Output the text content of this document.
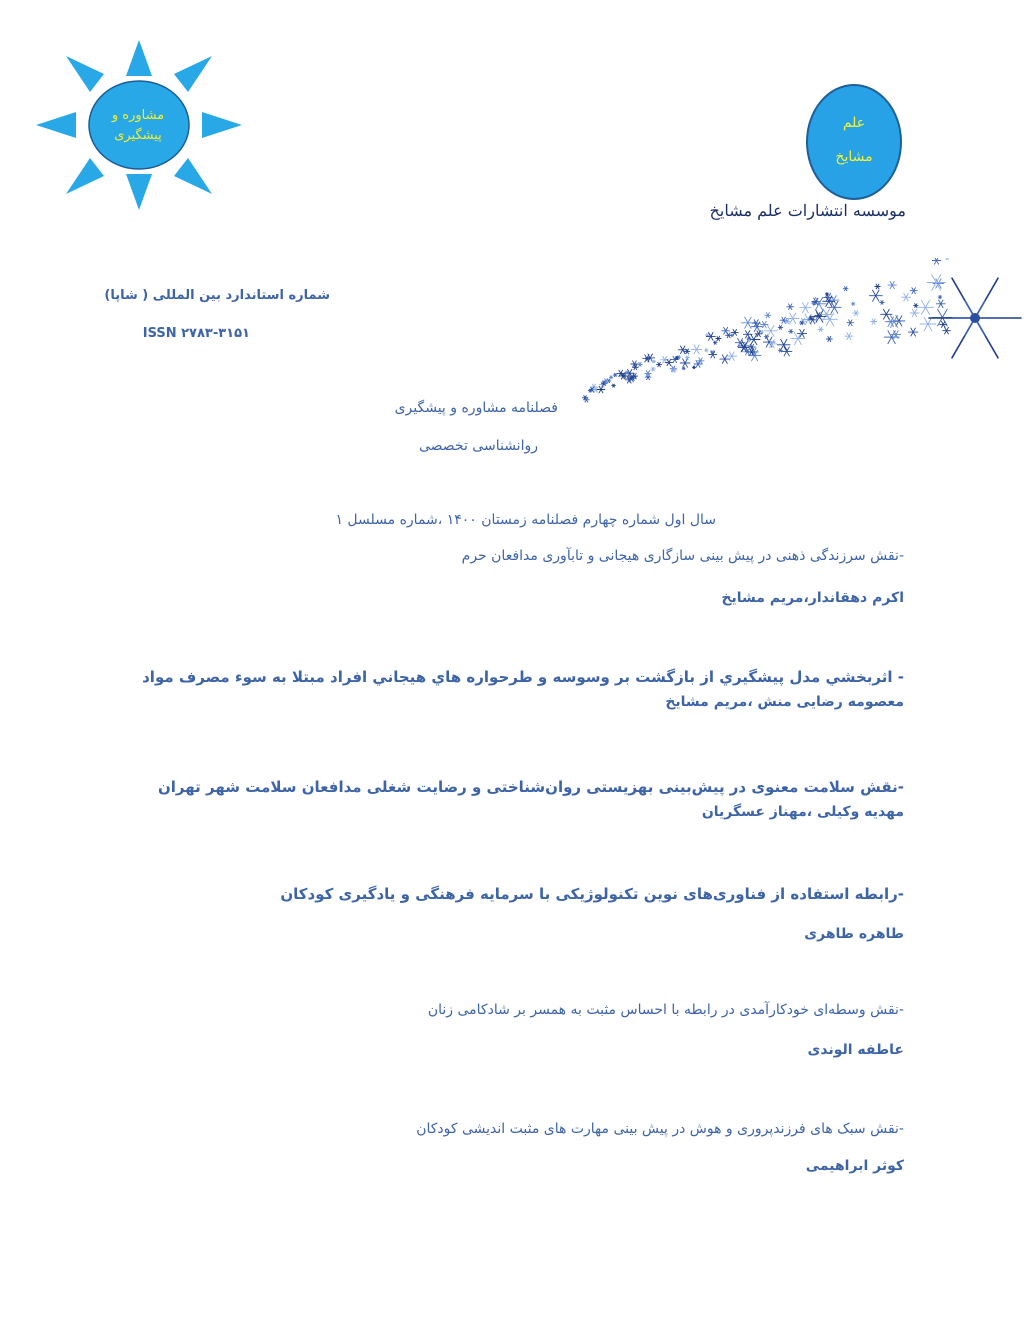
مشاوره و
پیشگیری
علم
مشایخ
موسسه انتشارات علم مشایخ
شماره استاندارد بین المللی ( شاپا)
ISSN ۲۷۸۳-۳۱۵۱
فصلنامه مشاوره و پیشگیری
روانشناسی تخصصی
سال اول شماره چهارم فصلنامه زمستان ۱۴۰۰ ،شماره مسلسل ۱
-نقش سرزندگی ذهنی در پیش بینی سازگاری هیجانی و تابآوری مدافعان حرم
اکرم دهقاندار،مریم مشایخ
- اثربخشي مدل پيشگيري از بازگشت بر وسوسه و طرحواره هاي هيجاني افراد مبتلا به سوء مصرف مواد
معصومه رضایی منش ،مریم مشایخ
-نقش سلامت معنوی در پیش‌بینی بهزیستی روان‌شناختی و رضایت شغلی مدافعان سلامت شهر تهران
مهدیه وکیلی ،مهناز عسگریان
-رابطه استفاده از فناوری‌های نوین تکنولوژیکی با سرمایه فرهنگی و یادگیری کودکان
طاهره طاهری
-نقش وسطه‌ای خودکارآمدی در رابطه با احساس مثبت به همسر بر شادکامی زنان
عاطفه الوندی
-نقش سبک های فرزندپروری و هوش در پیش بینی مهارت های مثبت اندیشی کودکان
کوثر ابراهیمی
